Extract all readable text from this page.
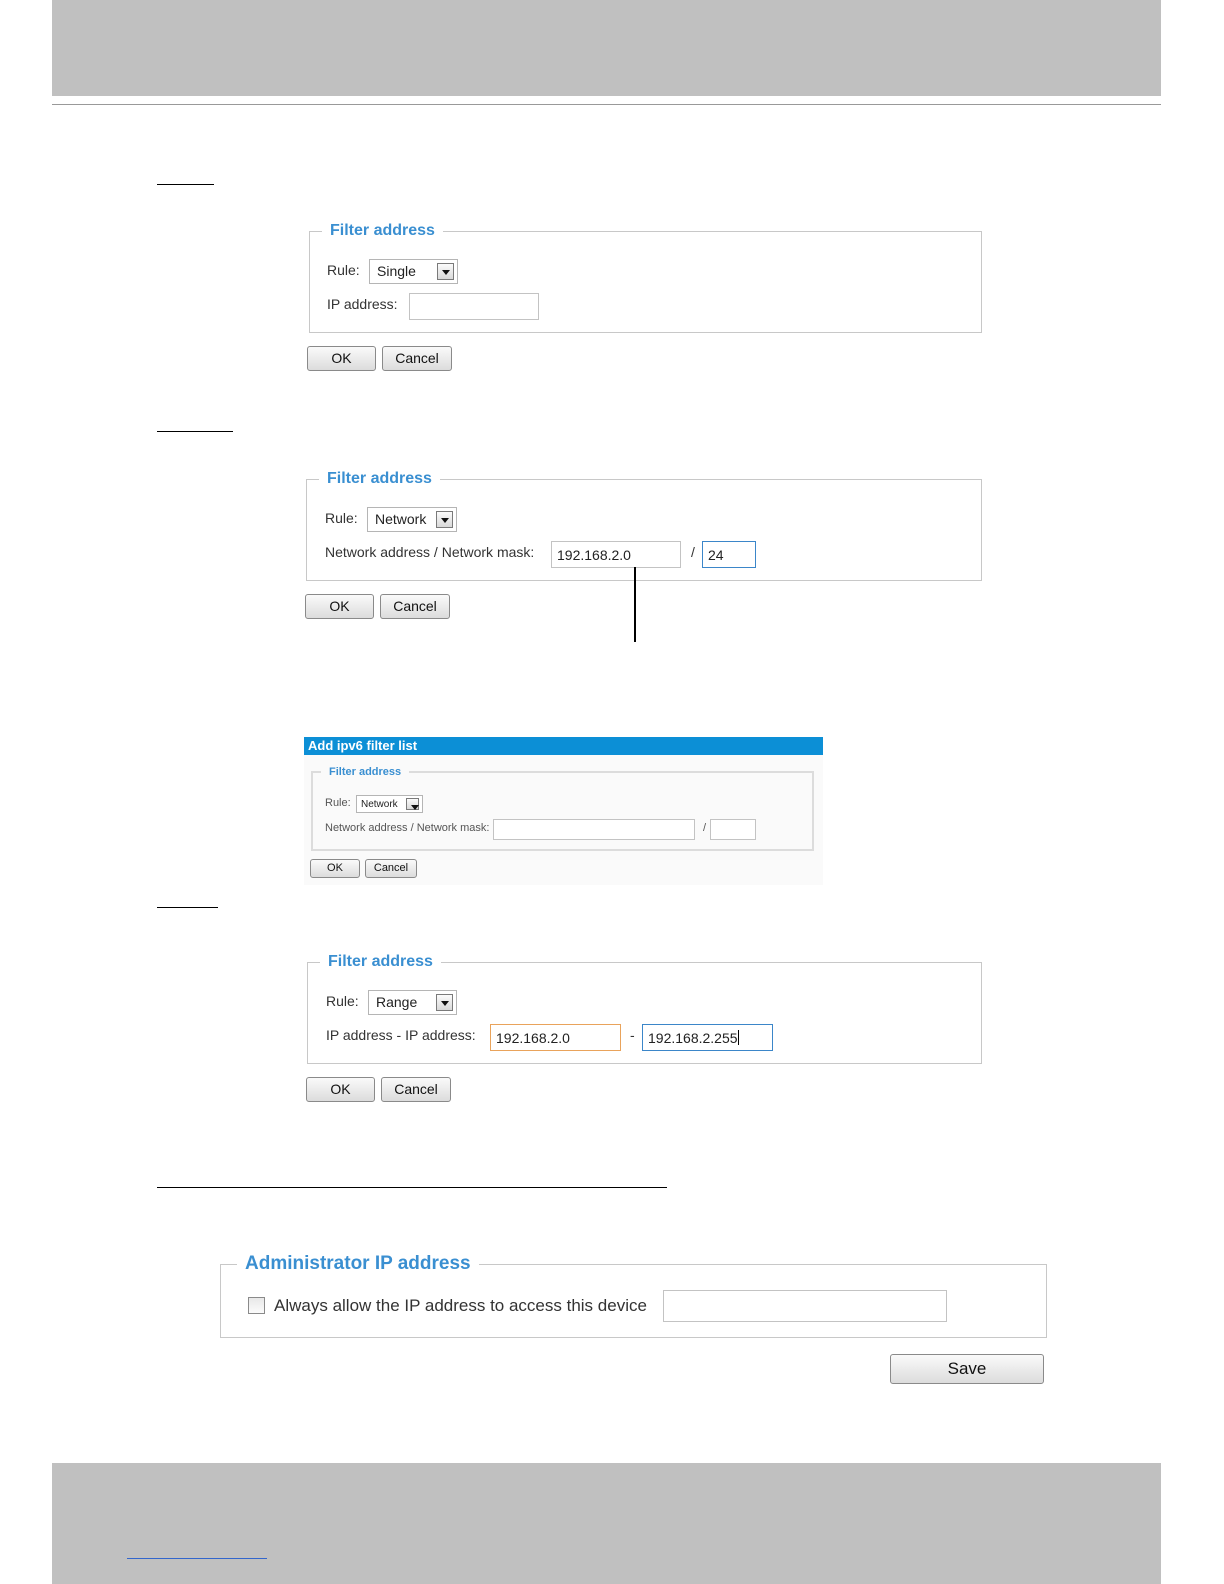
Filter address
Rule:	Single
IP address:
OK	Cancel
Filter address
Rule:	Network
Network address / Network mask:	192.168.2.0	/ 24
OK	Cancel
Add ipv6 filter list
Filter address
Rule:	Network
Network address / Network mask:	/
OK	Cancel
Filter address
Rule:	Range
IP address - IP address:	192.168.2.0	- 192.168.2.255
OK	Cancel
Administrator IP address
Always allow the IP address to access this device
Save
